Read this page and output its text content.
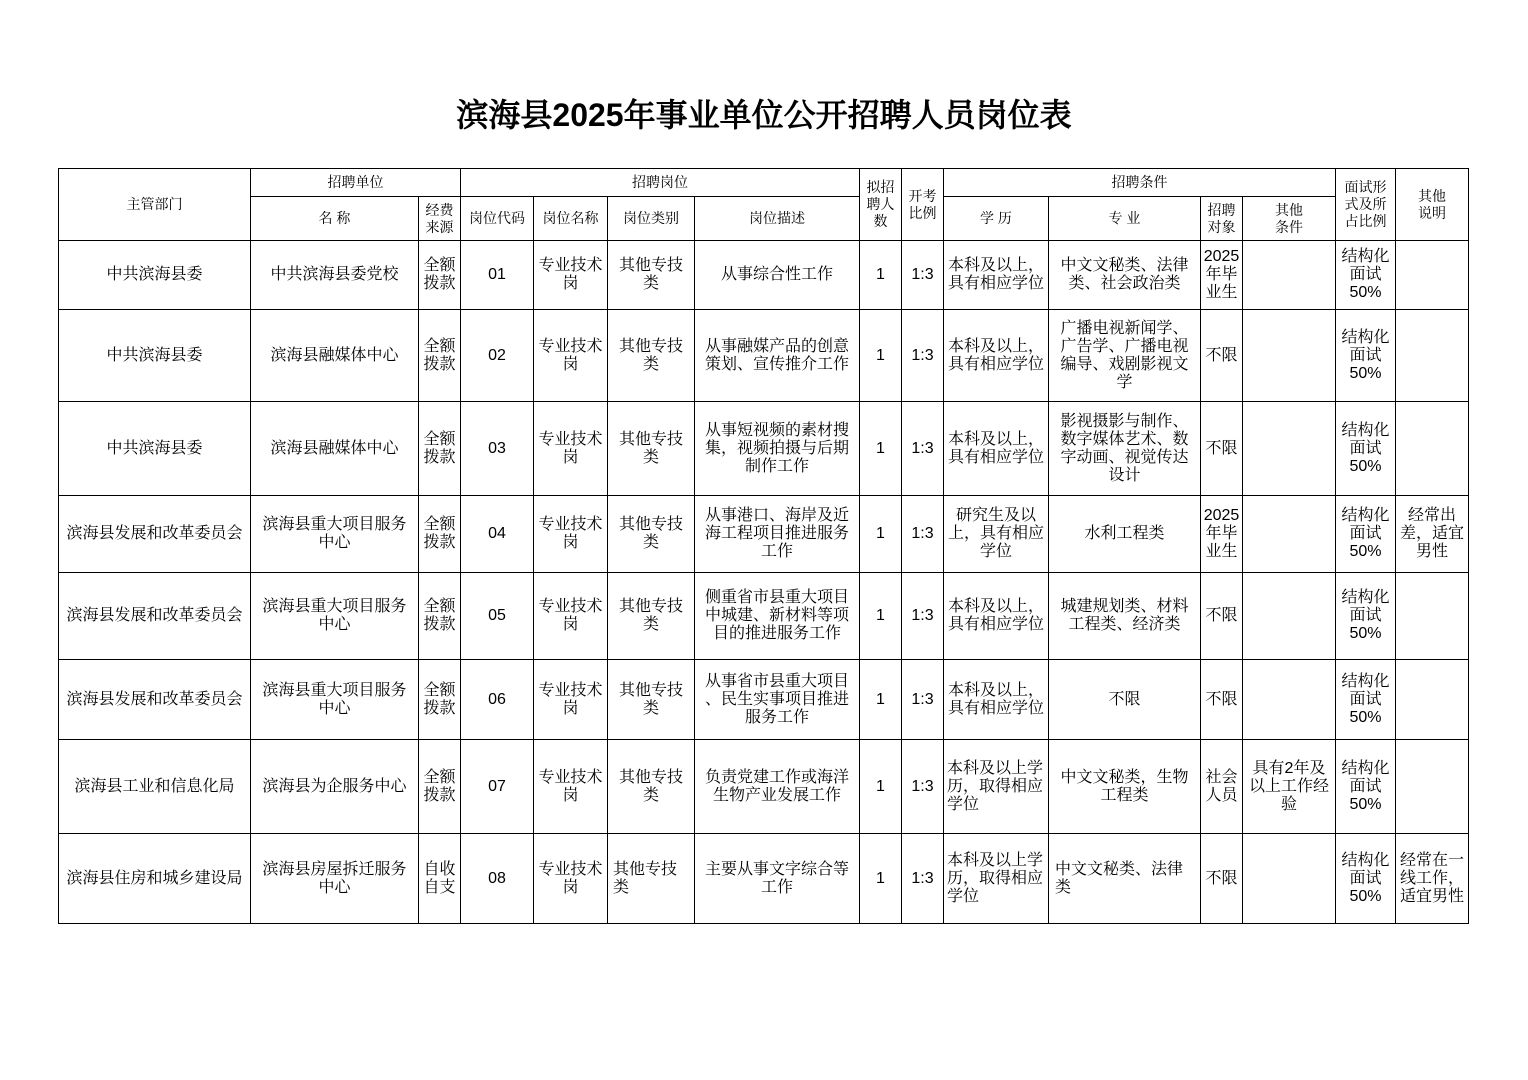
滨海县2025年事业单位公开招聘人员岗位表
主管部门	招聘单位		招聘岗位				拟招聘人数	开考比例	招聘条件				面试形式及所占比例	其他说明
	名 称	经费来源	岗位代码	岗位名称	岗位类别	岗位描述			学 历	专 业	招聘对象	其他条件		
中共滨海县委	中共滨海县委党校	全额拨款	01	专业技术岗	其他专技类	从事综合性工作	1	1:3	本科及以上，具有相应学位	中文文秘类、法律类、社会政治类	2025年毕业生		结构化面试50%	
中共滨海县委	滨海县融媒体中心	全额拨款	02	专业技术岗	其他专技类	从事融媒产品的创意策划、宣传推介工作	1	1:3	本科及以上，具有相应学位	广播电视新闻学、广告学、广播电视编导、戏剧影视文学	不限		结构化面试50%	
中共滨海县委	滨海县融媒体中心	全额拨款	03	专业技术岗	其他专技类	从事短视频的素材搜集，视频拍摄与后期制作工作	1	1:3	本科及以上，具有相应学位	影视摄影与制作、数字媒体艺术、数字动画、视觉传达设计	不限		结构化面试50%	
滨海县发展和改革委员会	滨海县重大项目服务中心	全额拨款	04	专业技术岗	其他专技类	从事港口、海岸及近海工程项目推进服务工作	1	1:3	研究生及以上，具有相应学位	水利工程类	2025年毕业生		结构化面试50%	经常出差，适宜男性
滨海县发展和改革委员会	滨海县重大项目服务中心	全额拨款	05	专业技术岗	其他专技类	侧重省市县重大项目中城建、新材料等项目的推进服务工作	1	1:3	本科及以上，具有相应学位	城建规划类、材料工程类、经济类	不限		结构化面试50%	
滨海县发展和改革委员会	滨海县重大项目服务中心	全额拨款	06	专业技术岗	其他专技类	从事省市县重大项目、民生实事项目推进服务工作	1	1:3	本科及以上，具有相应学位	不限	不限		结构化面试50%	
滨海县工业和信息化局	滨海县为企服务中心	全额拨款	07	专业技术岗	其他专技类	负责党建工作或海洋生物产业发展工作	1	1:3	本科及以上学历，取得相应学位	中文文秘类，生物工程类	社会人员	具有2年及以上工作经验	结构化面试50%	
滨海县住房和城乡建设局	滨海县房屋拆迁服务中心	自收自支	08	专业技术岗	其他专技类	主要从事文字综合等工作	1	1:3	本科及以上学历，取得相应学位	中文文秘类、法律类	不限		结构化面试50%	经常在一线工作，适宜男性
